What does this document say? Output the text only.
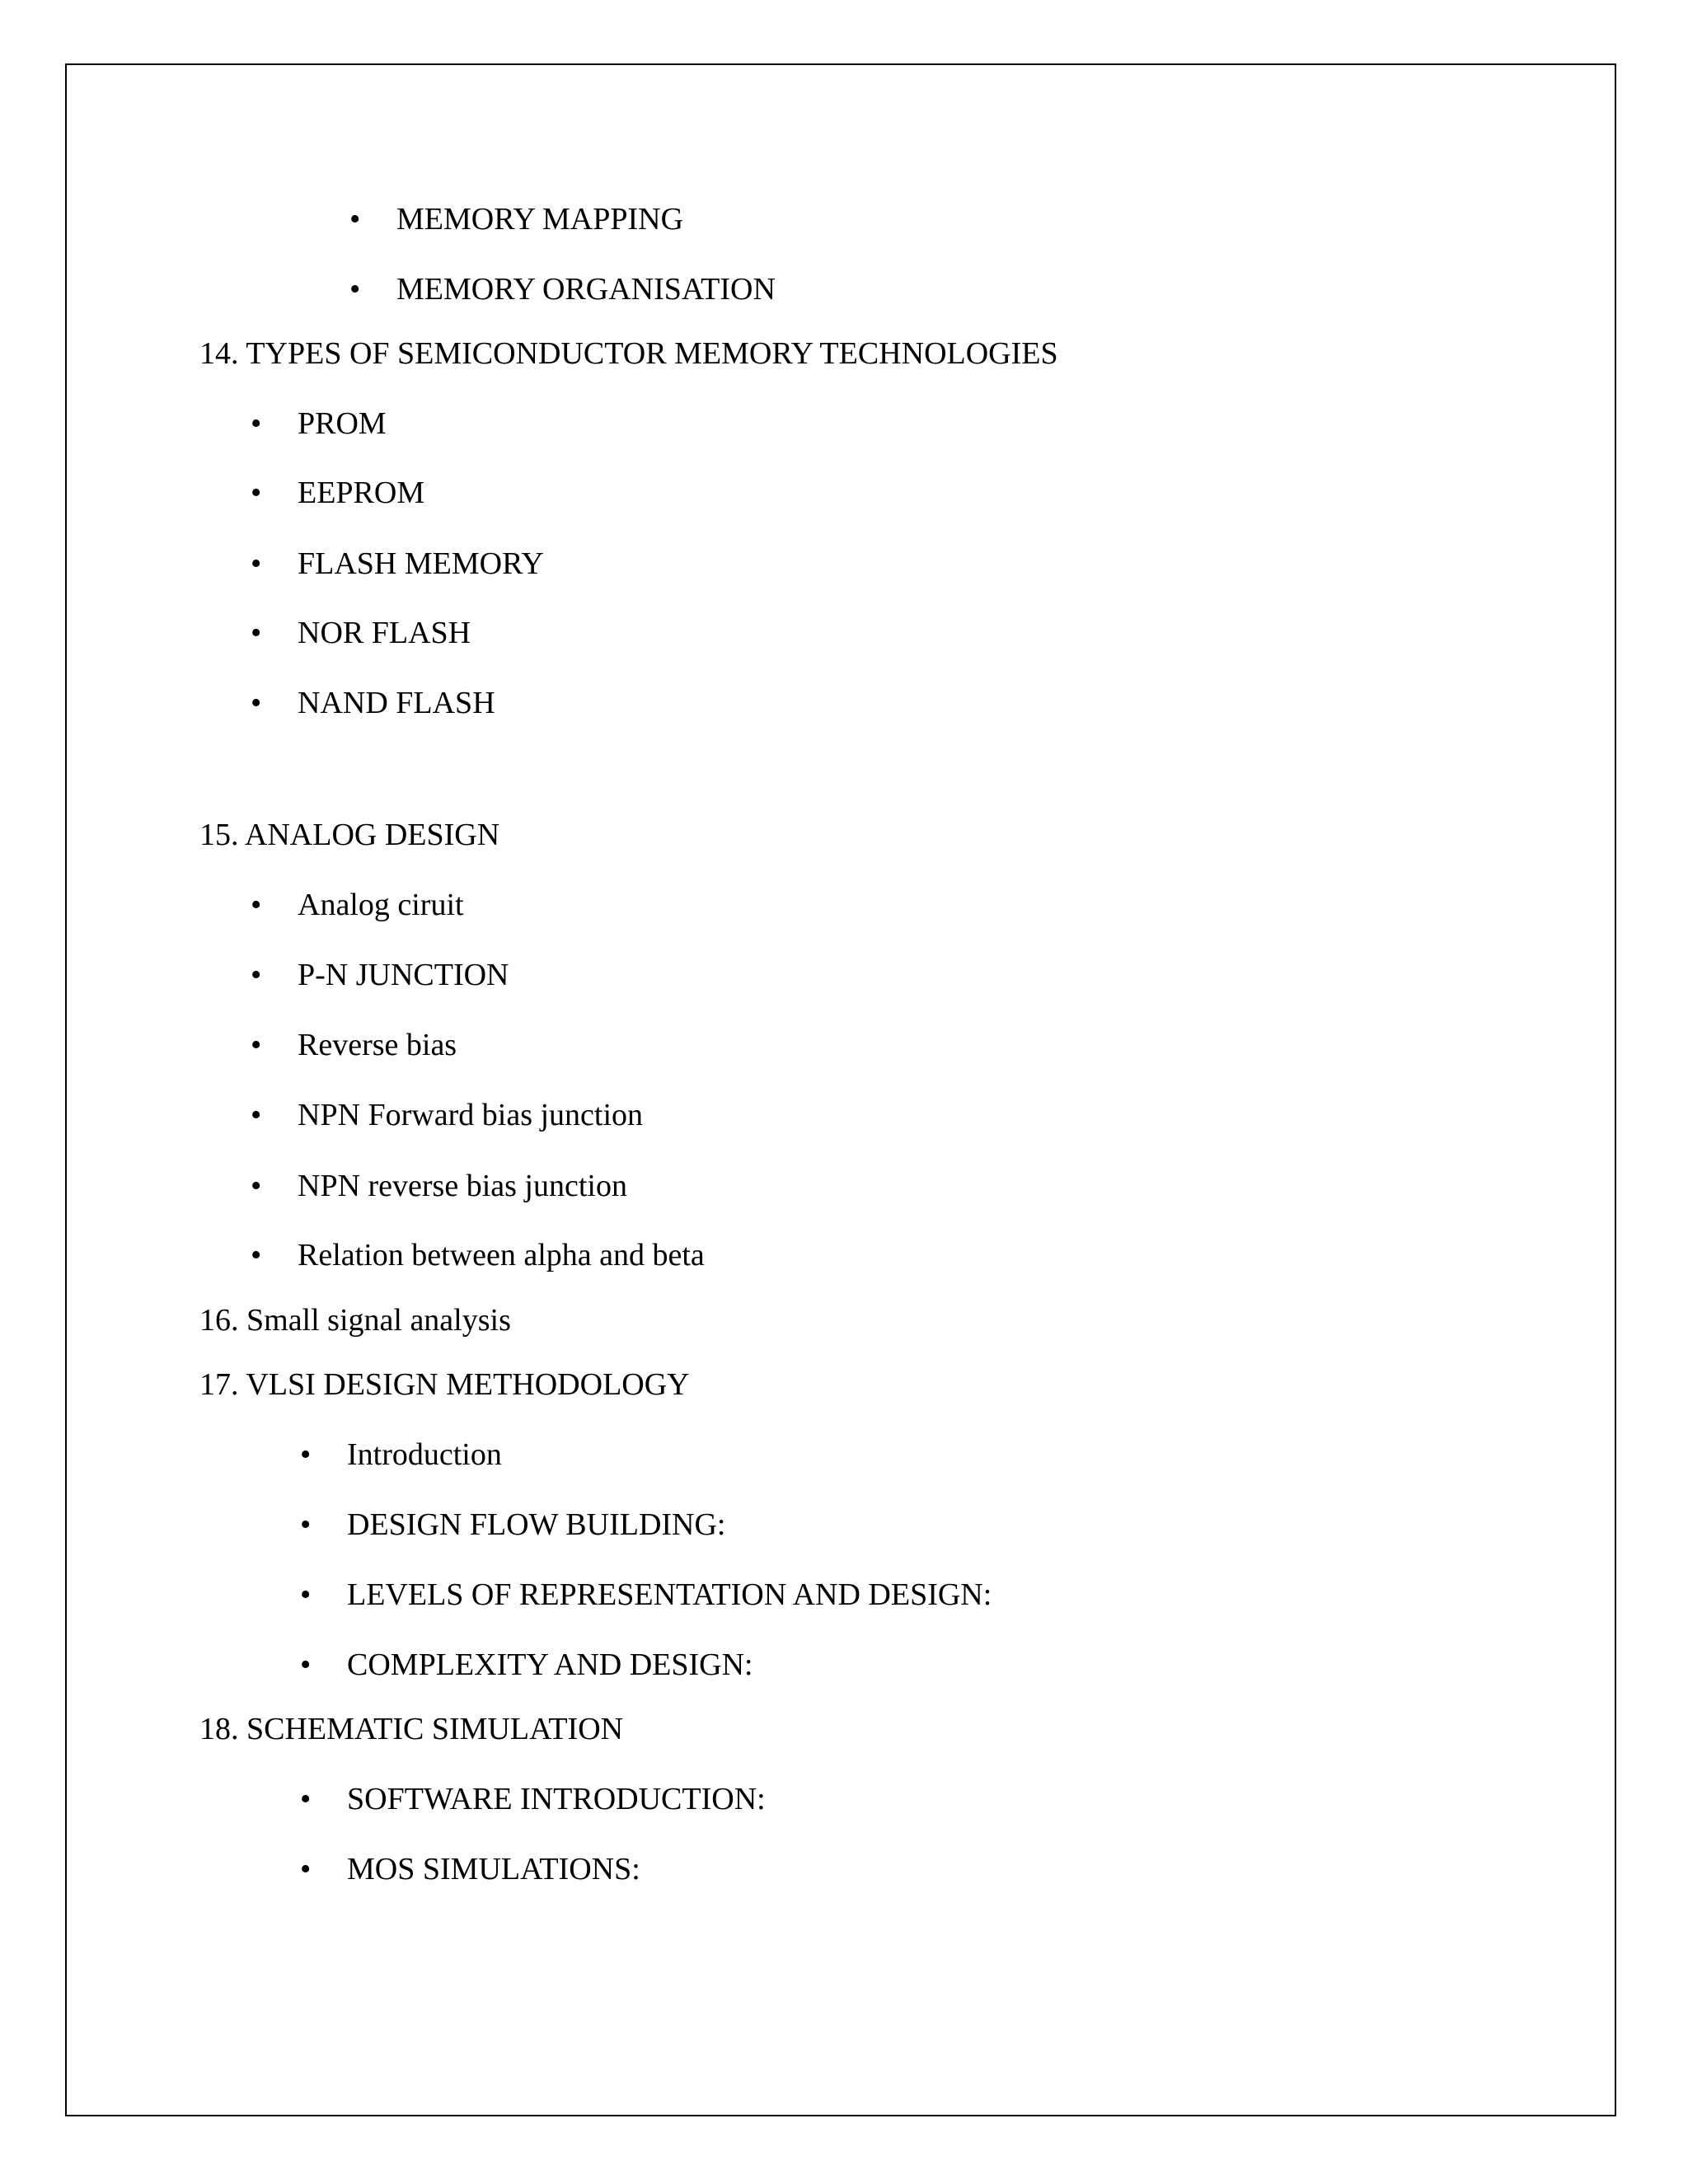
• MEMORY MAPPING
• MEMORY ORGANISATION
14. TYPES OF SEMICONDUCTOR MEMORY TECHNOLOGIES
• PROM
• EEPROM
• FLASH MEMORY
• NOR FLASH
• NAND FLASH
15. ANALOG DESIGN
• Analog ciruit
• P-N JUNCTION
• Reverse bias
• NPN Forward bias junction
• NPN reverse bias junction
• Relation between alpha and beta
16. Small signal analysis
17. VLSI DESIGN METHODOLOGY
• Introduction
• DESIGN FLOW BUILDING:
• LEVELS OF REPRESENTATION AND DESIGN:
• COMPLEXITY AND DESIGN:
18. SCHEMATIC SIMULATION
• SOFTWARE INTRODUCTION:
• MOS SIMULATIONS:
